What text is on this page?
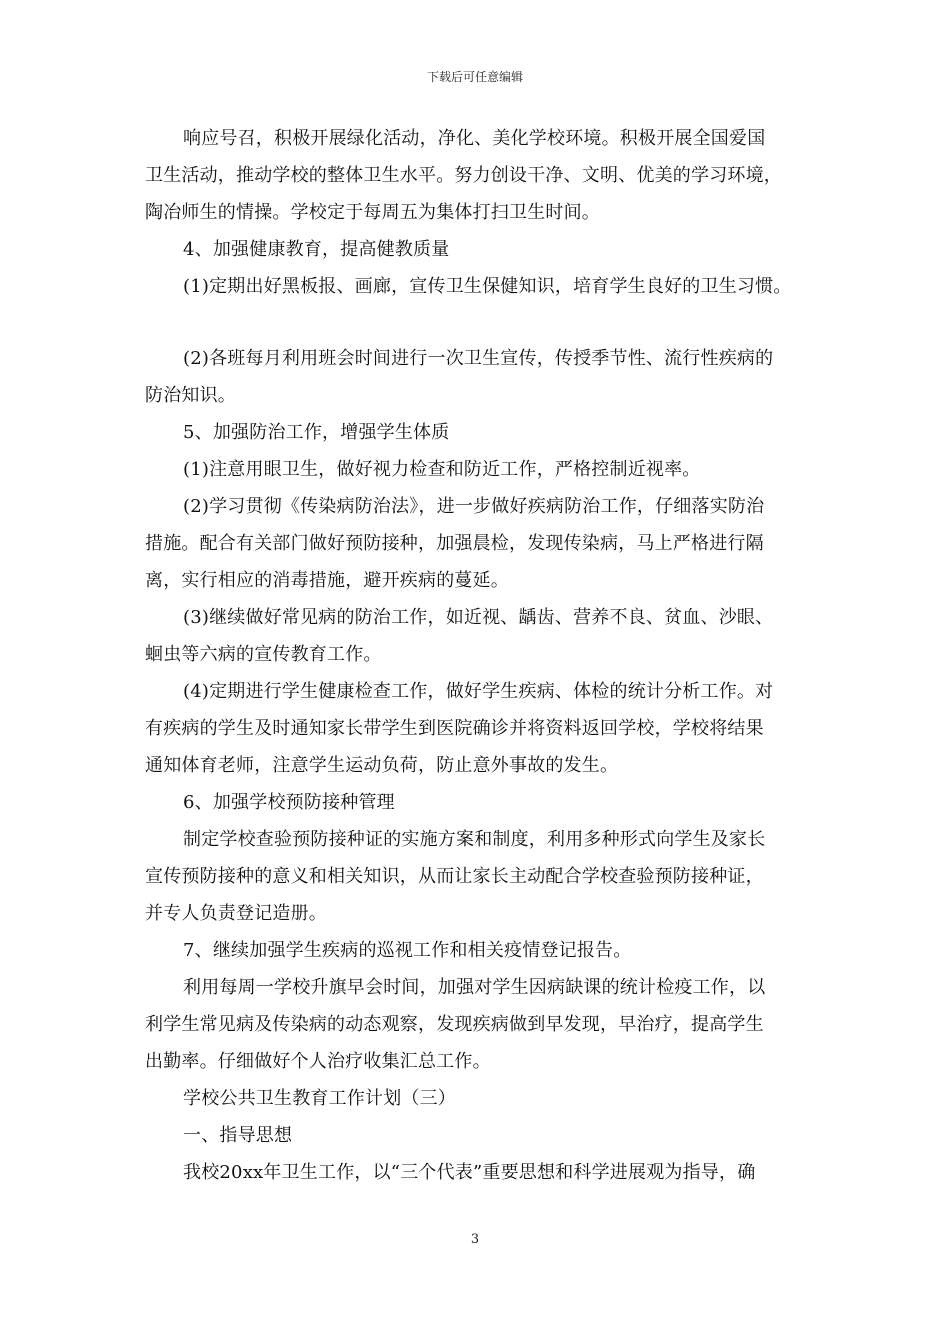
下载后可任意编辑
响应号召，积极开展绿化活动，净化、美化学校环境。积极开展全国爱国
卫生活动，推动学校的整体卫生水平。努力创设干净、文明、优美的学习环境，
陶冶师生的情操。学校定于每周五为集体打扫卫生时间。
4、加强健康教育，提高健教质量
(1)定期出好黑板报、画廊，宣传卫生保健知识，培育学生良好的卫生习惯。
(2)各班每月利用班会时间进行一次卫生宣传，传授季节性、流行性疾病的
防治知识。
5、加强防治工作，增强学生体质
(1)注意用眼卫生，做好视力检查和防近工作，严格控制近视率。
(2)学习贯彻《传染病防治法》，进一步做好疾病防治工作，仔细落实防治
措施。配合有关部门做好预防接种，加强晨检，发现传染病，马上严格进行隔
离，实行相应的消毒措施，避开疾病的蔓延。
(3)继续做好常见病的防治工作，如近视、龋齿、营养不良、贫血、沙眼、
蛔虫等六病的宣传教育工作。
(4)定期进行学生健康检查工作，做好学生疾病、体检的统计分析工作。对
有疾病的学生及时通知家长带学生到医院确诊并将资料返回学校，学校将结果
通知体育老师，注意学生运动负荷，防止意外事故的发生。
6、加强学校预防接种管理
制定学校查验预防接种证的实施方案和制度，利用多种形式向学生及家长
宣传预防接种的意义和相关知识，从而让家长主动配合学校查验预防接种证，
并专人负责登记造册。
7、继续加强学生疾病的巡视工作和相关疫情登记报告。
利用每周一学校升旗早会时间，加强对学生因病缺课的统计检疫工作，以
利学生常见病及传染病的动态观察，发现疾病做到早发现，早治疗，提高学生
出勤率。仔细做好个人治疗收集汇总工作。
学校公共卫生教育工作计划（三）
一、指导思想
我校20xx年卫生工作，以“三个代表”重要思想和科学进展观为指导，确
3
